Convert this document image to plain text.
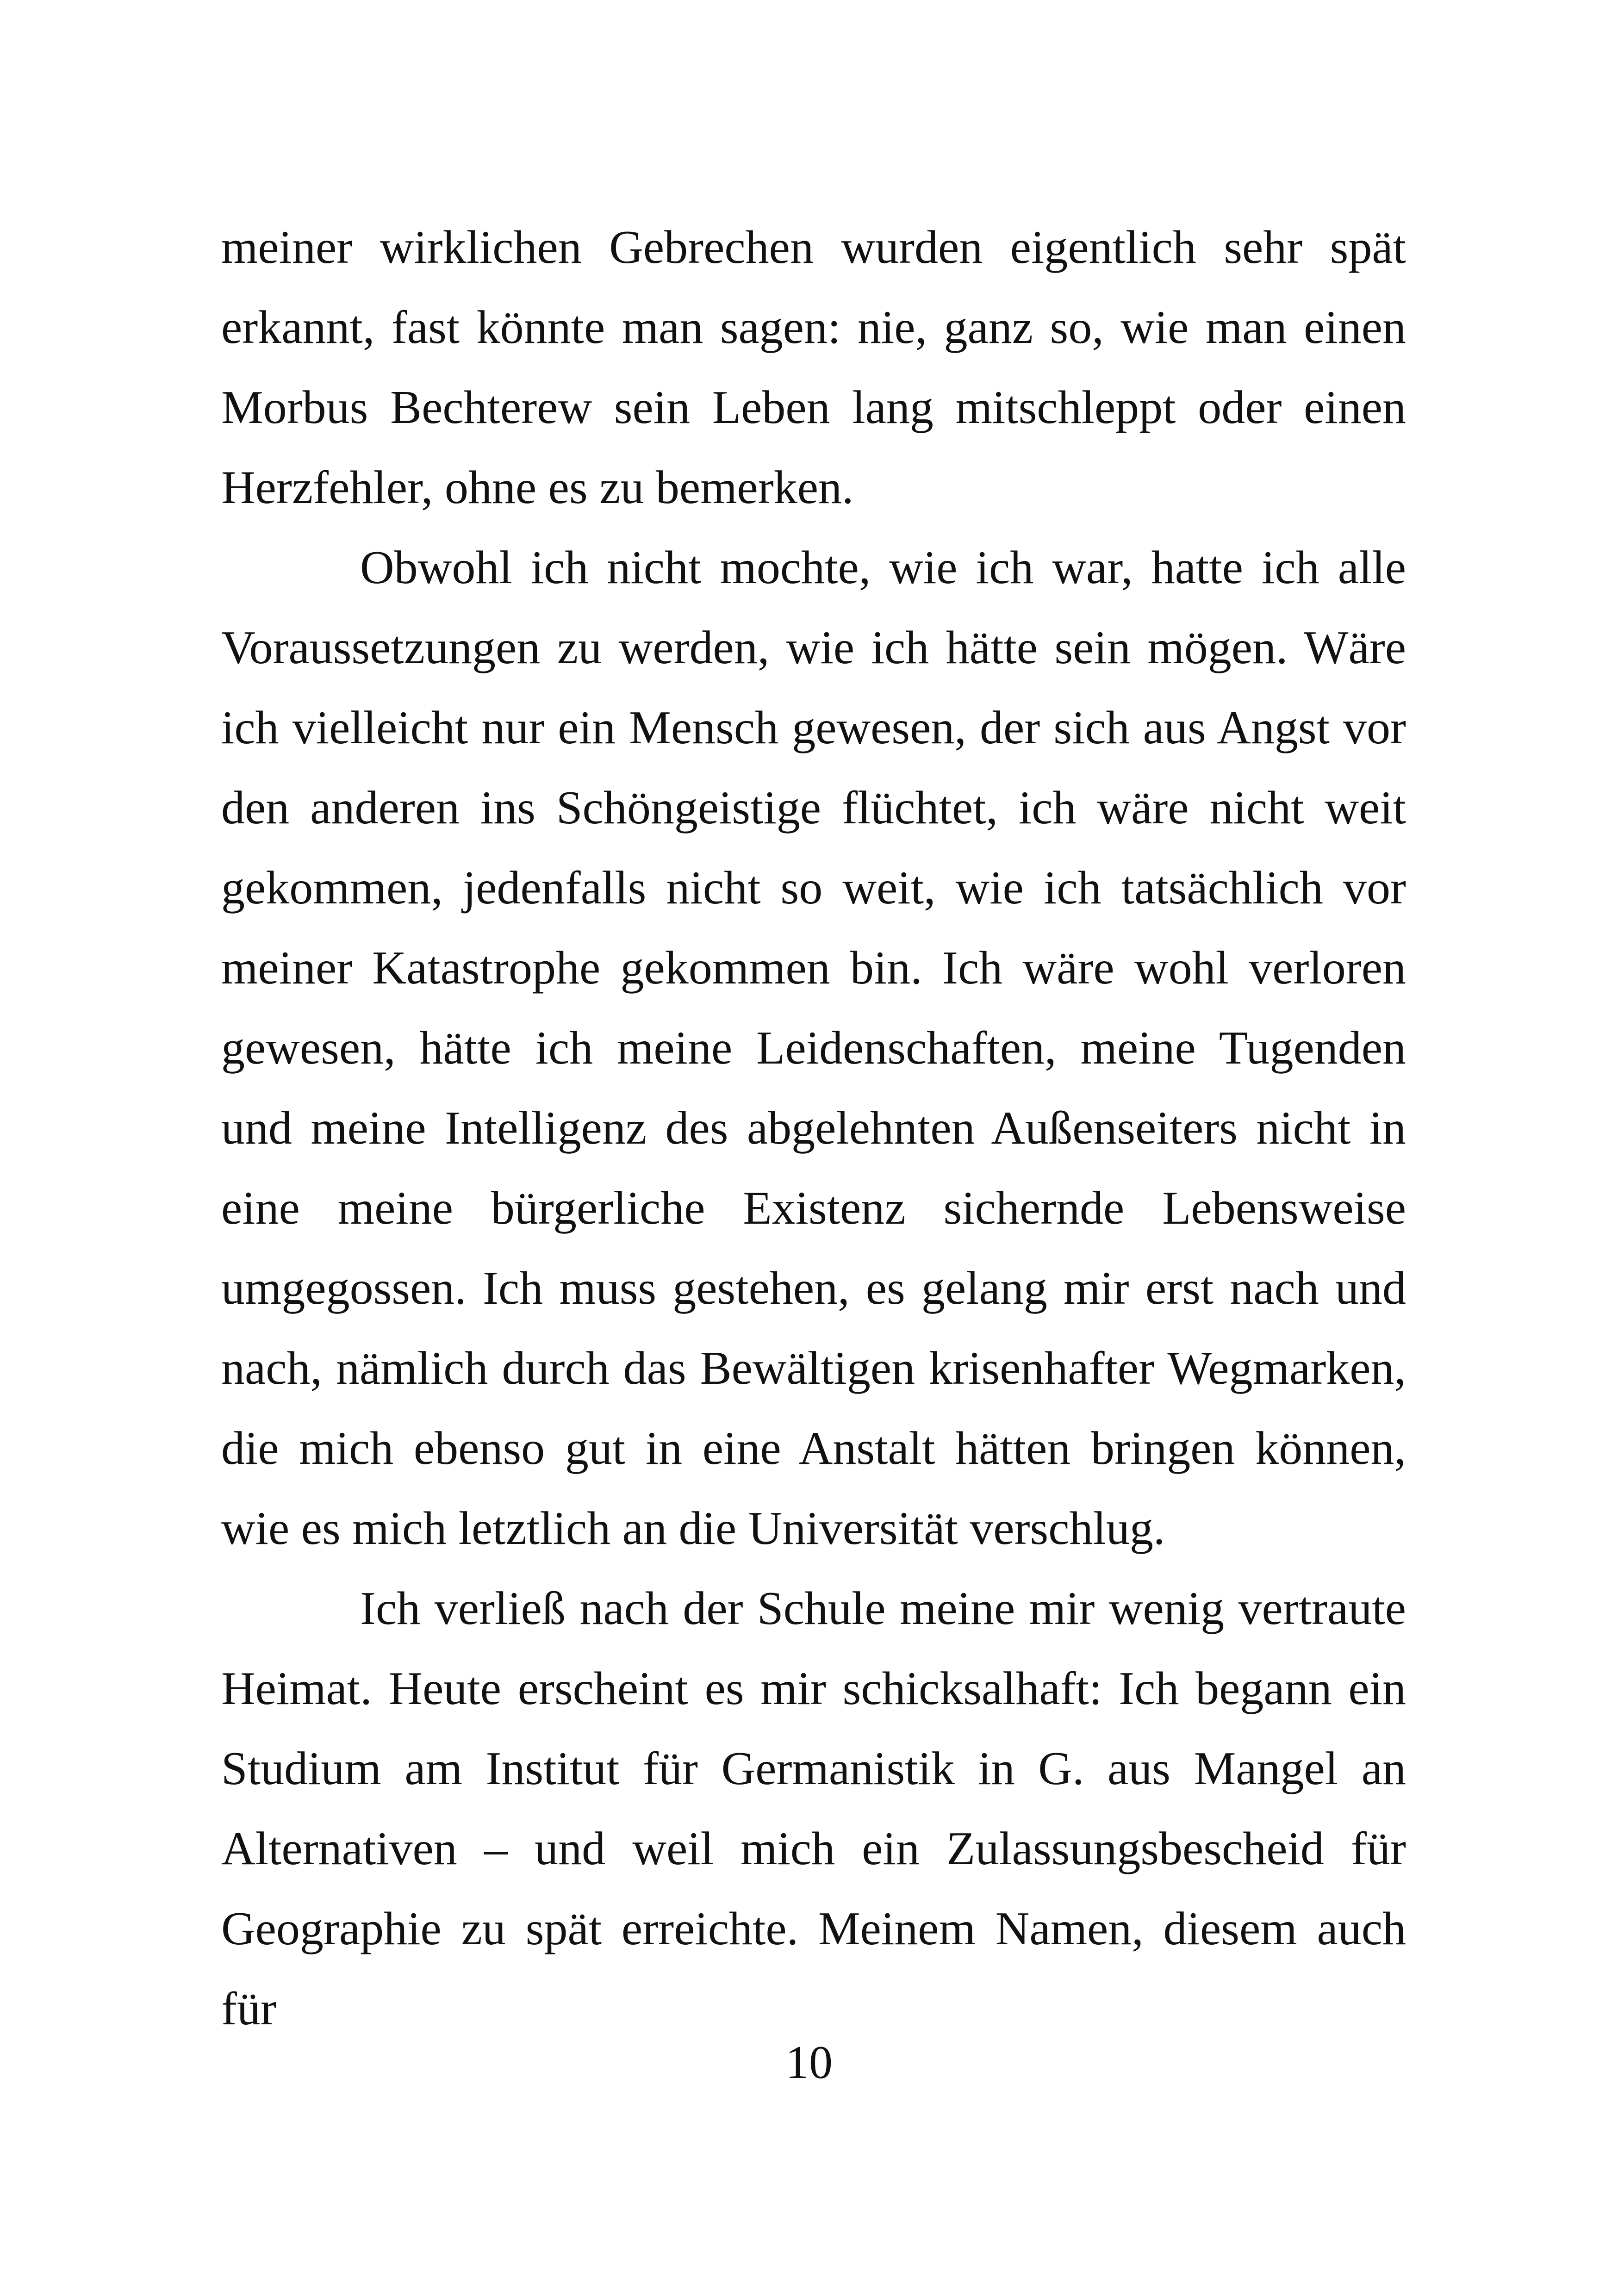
meiner wirklichen Gebrechen wurden eigentlich sehr spät erkannt, fast könnte man sagen: nie, ganz so, wie man einen Morbus Bechterew sein Leben lang mitschleppt oder einen Herzfehler, ohne es zu bemerken.

Obwohl ich nicht mochte, wie ich war, hatte ich alle Voraussetzungen zu werden, wie ich hätte sein mögen. Wäre ich vielleicht nur ein Mensch gewesen, der sich aus Angst vor den anderen ins Schöngeistige flüchtet, ich wäre nicht weit gekommen, jedenfalls nicht so weit, wie ich tatsächlich vor meiner Katastrophe gekommen bin. Ich wäre wohl verloren gewesen, hätte ich meine Leidenschaften, meine Tugenden und meine Intelligenz des abgelehnten Außenseiters nicht in eine meine bürgerliche Existenz sichernde Lebensweise umgegossen. Ich muss gestehen, es gelang mir erst nach und nach, nämlich durch das Bewältigen krisenhafter Wegmarken, die mich ebenso gut in eine Anstalt hätten bringen können, wie es mich letztlich an die Universität verschlug.

Ich verließ nach der Schule meine mir wenig vertraute Heimat. Heute erscheint es mir schicksalhaft: Ich begann ein Studium am Institut für Germanistik in G. aus Mangel an Alternativen – und weil mich ein Zulassungsbescheid für Geographie zu spät erreichte. Meinem Namen, diesem auch für

10
